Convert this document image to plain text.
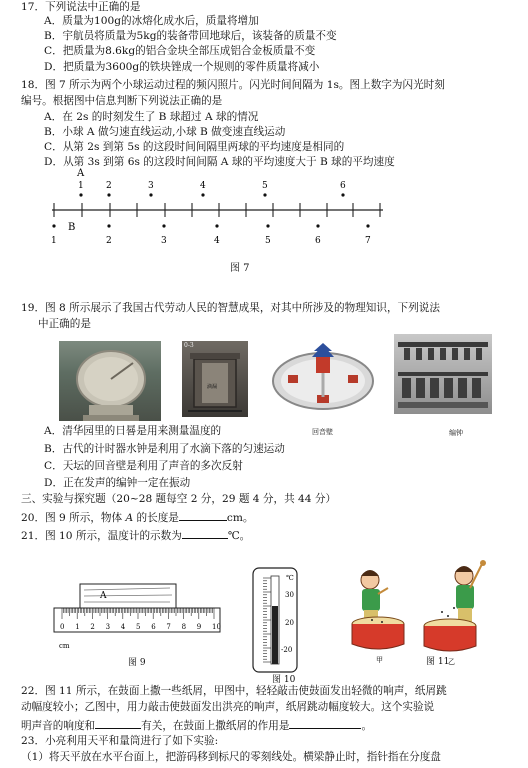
17．下列说法中正确的是
A．质量为100g的冰熔化成水后，质量将增加
B．宇航员将质量为5kg的装备带回地球后，该装备的质量不变
C．把质量为8.6kg的铝合金块全部压成铝合金板质量不变
D．把质量为3600g的铁块锉成一个规则的零件质量将减小
18．图 7 所示为两个小球运动过程的频闪照片。闪光时间间隔为 1s。图上数字为闪光时刻
编号。根据图中信息判断下列说法正确的是
A．在 2s 的时刻发生了 B 球超过 A 球的情况
B．小球 A 做匀速直线运动,小球 B 做变速直线运动
C．从第 2s 到第 5s 的这段时间间隔里两球的平均速度是相同的
D．从第 3s 到第 6s 的这段时间间隔 A 球的平均速度大于 B 球的平均速度
A
1 2	3	4	5	6
B
1	2	3	4	5	6	7
图 7
19．图 8 所示展示了我国古代劳动人民的智慧成果，对其中所涉及的物理知识，下列说法
中正确的是
0-3
滴漏
回音壁	编钟
A．清华园里的日晷是用来测量温度的
B．古代的计时器水钟是利用了水滴下落的匀速运动
C．天坛的回音壁是利用了声音的多次反射
D．正在发声的编钟一定在振动
三、实验与探究题（20~28 题每空 2 分，29 题 4 分，共 44 分）
20．图 9 所示，物体 A 的长度是	cm。
21．图 10 所示，温度计的示数为	℃。
A
0 1 2 3 4 5 6 7 8 9 10
cm
图 9
℃
30
20
-20
图 10
甲	乙
图 11
22．图 11 所示，在鼓面上撒一些纸屑，甲图中，轻轻敲击使鼓面发出轻微的响声，纸屑跳
动幅度较小；乙图中，用力敲击使鼓面发出洪亮的响声，纸屑跳动幅度较大。这个实验说
明声音的响度和	有关，在鼓面上撒纸屑的作用是	。
23．小亮利用天平和量筒进行了如下实验:
（1）将天平放在水平台面上，把游码移到标尺的零刻线处。横梁静止时，指针指在分度盘
